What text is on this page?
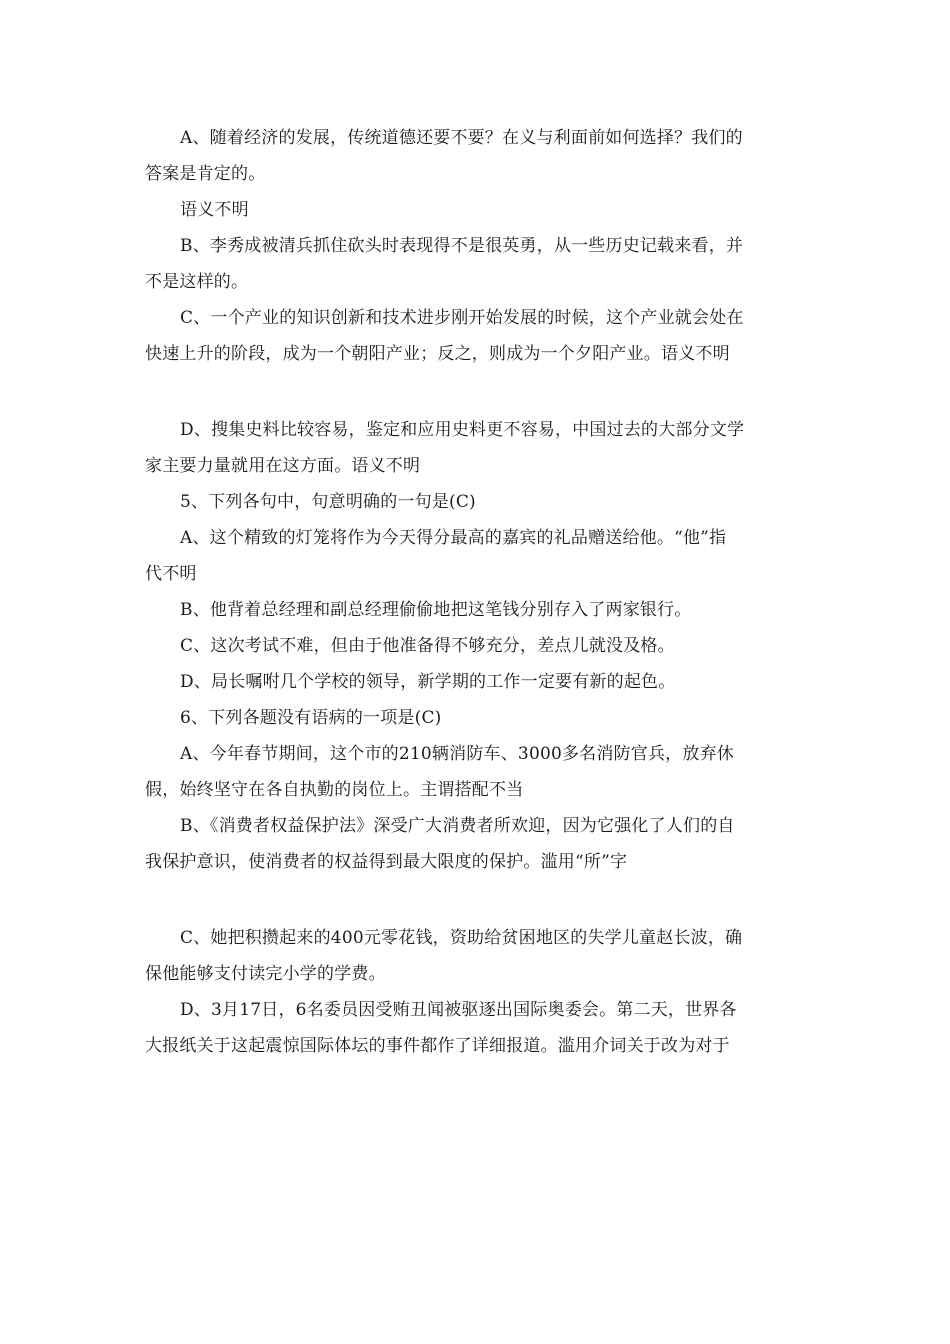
A、随着经济的发展，传统道德还要不要？在义与利面前如何选择？我们的
答案是肯定的。
语义不明
B、李秀成被清兵抓住砍头时表现得不是很英勇，从一些历史记载来看，并
不是这样的。
C、一个产业的知识创新和技术进步刚开始发展的时候，这个产业就会处在
快速上升的阶段，成为一个朝阳产业；反之，则成为一个夕阳产业。语义不明
D、搜集史料比较容易，鉴定和应用史料更不容易，中国过去的大部分文学
家主要力量就用在这方面。语义不明
5、下列各句中，句意明确的一句是(C)
A、这个精致的灯笼将作为今天得分最高的嘉宾的礼品赠送给他。“他”指
代不明
B、他背着总经理和副总经理偷偷地把这笔钱分别存入了两家银行。
C、这次考试不难，但由于他准备得不够充分，差点儿就没及格。
D、局长嘱咐几个学校的领导，新学期的工作一定要有新的起色。
6、下列各题没有语病的一项是(C)
A、今年春节期间，这个市的210辆消防车、3000多名消防官兵，放弃休
假，始终坚守在各自执勤的岗位上。主谓搭配不当
B、《消费者权益保护法》深受广大消费者所欢迎，因为它强化了人们的自
我保护意识，使消费者的权益得到最大限度的保护。滥用“所”字
C、她把积攒起来的400元零花钱，资助给贫困地区的失学儿童赵长波，确
保他能够支付读完小学的学费。
D、3月17日，6名委员因受贿丑闻被驱逐出国际奥委会。第二天，世界各
大报纸关于这起震惊国际体坛的事件都作了详细报道。滥用介词关于改为对于
